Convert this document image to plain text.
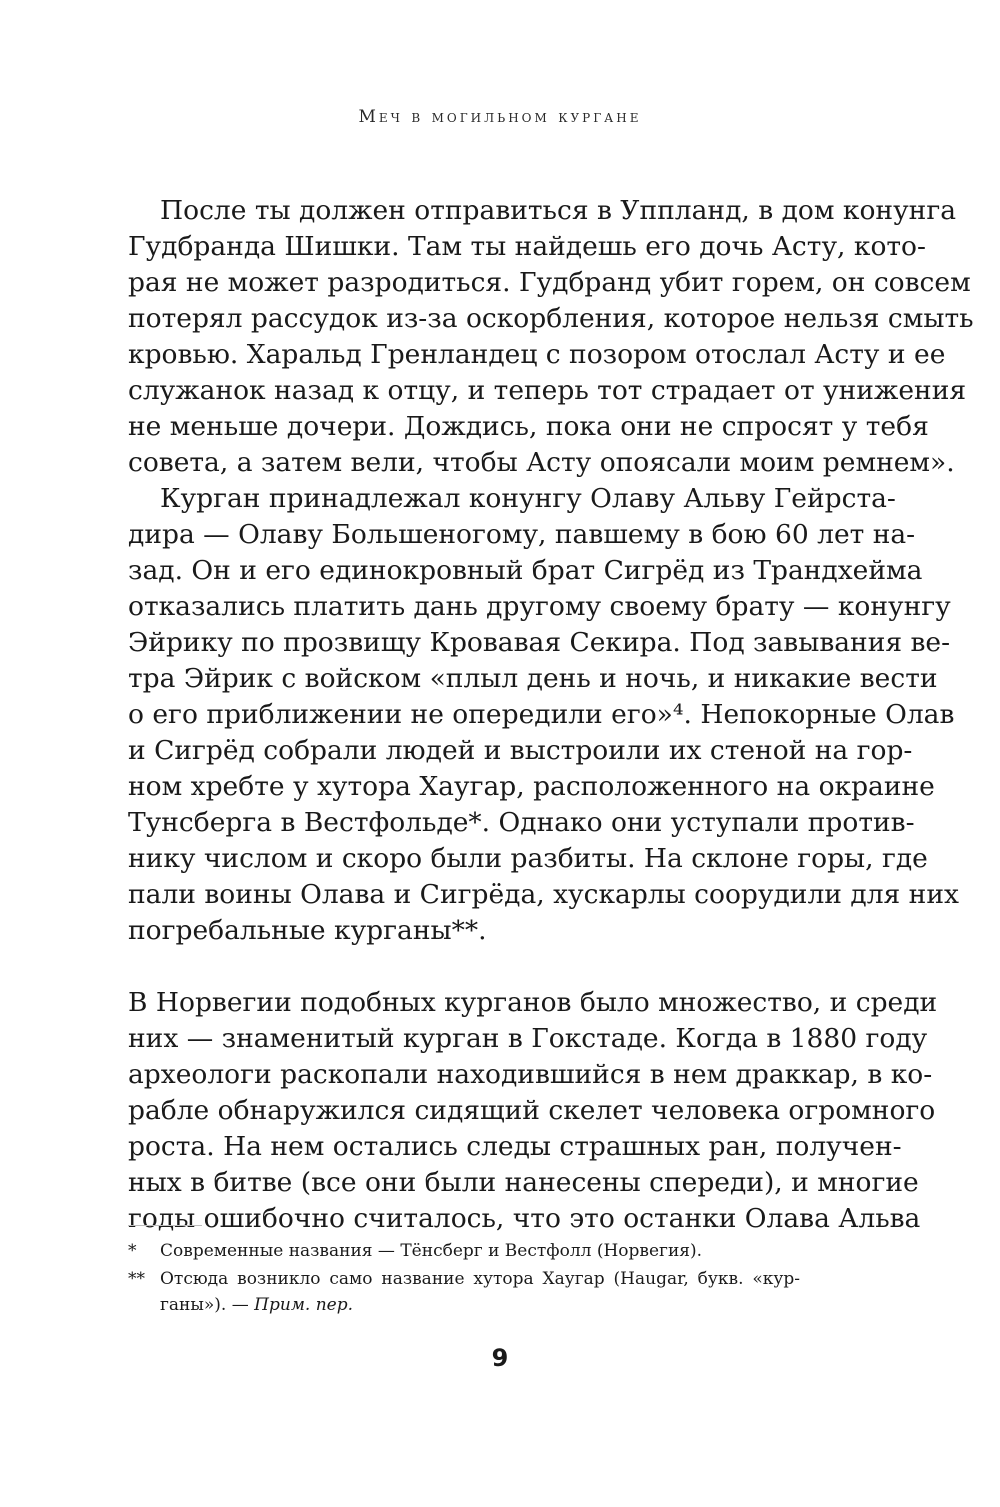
Меч в могильном кургане
После ты должен отправиться в Уппланд, в дом конунга
Гудбранда Шишки. Там ты найдешь его дочь Асту, кото-
рая не может разродиться. Гудбранд убит горем, он совсем
потерял рассудок из-за оскорбления, которое нельзя смыть
кровью. Харальд Гренландец с позором отослал Асту и ее
служанок назад к отцу, и теперь тот страдает от унижения
не меньше дочери. Дождись, пока они не спросят у тебя
совета, а затем вели, чтобы Асту опоясали моим ремнем».
Курган принадлежал конунгу Олаву Альву Гейрста-
дира — Олаву Большеногому, павшему в бою 60 лет на-
зад. Он и его единокровный брат Сигрёд из Трандхейма
отказались платить дань другому своему брату — конунгу
Эйрику по прозвищу Кровавая Секира. Под завывания ве-
тра Эйрик с войском «плыл день и ночь, и никакие вести
о его приближении не опередили его»⁴. Непокорные Олав
и Сигрёд собрали людей и выстроили их стеной на гор-
ном хребте у хутора Хаугар, расположенного на окраине
Тунсберга в Вестфольде*. Однако они уступали против-
нику числом и скоро были разбиты. На склоне горы, где
пали воины Олава и Сигрёда, хускарлы соорудили для них
погребальные курганы**.
В Норвегии подобных курганов было множество, и среди
них — знаменитый курган в Гокстаде. Когда в 1880 году
археологи раскопали находившийся в нем драккар, в ко-
рабле обнаружился сидящий скелет человека огромного
роста. На нем остались следы страшных ран, получен-
ных в битве (все они были нанесены спереди), и многие
годы ошибочно считалось, что это останки Олава Альва
* Современные названия — Тёнсберг и Вестфолл (Норвегия).
** Отсюда возникло само название хутора Хаугар (Haugar, букв. «кур-
ганы»). — Прим. пер.
9
